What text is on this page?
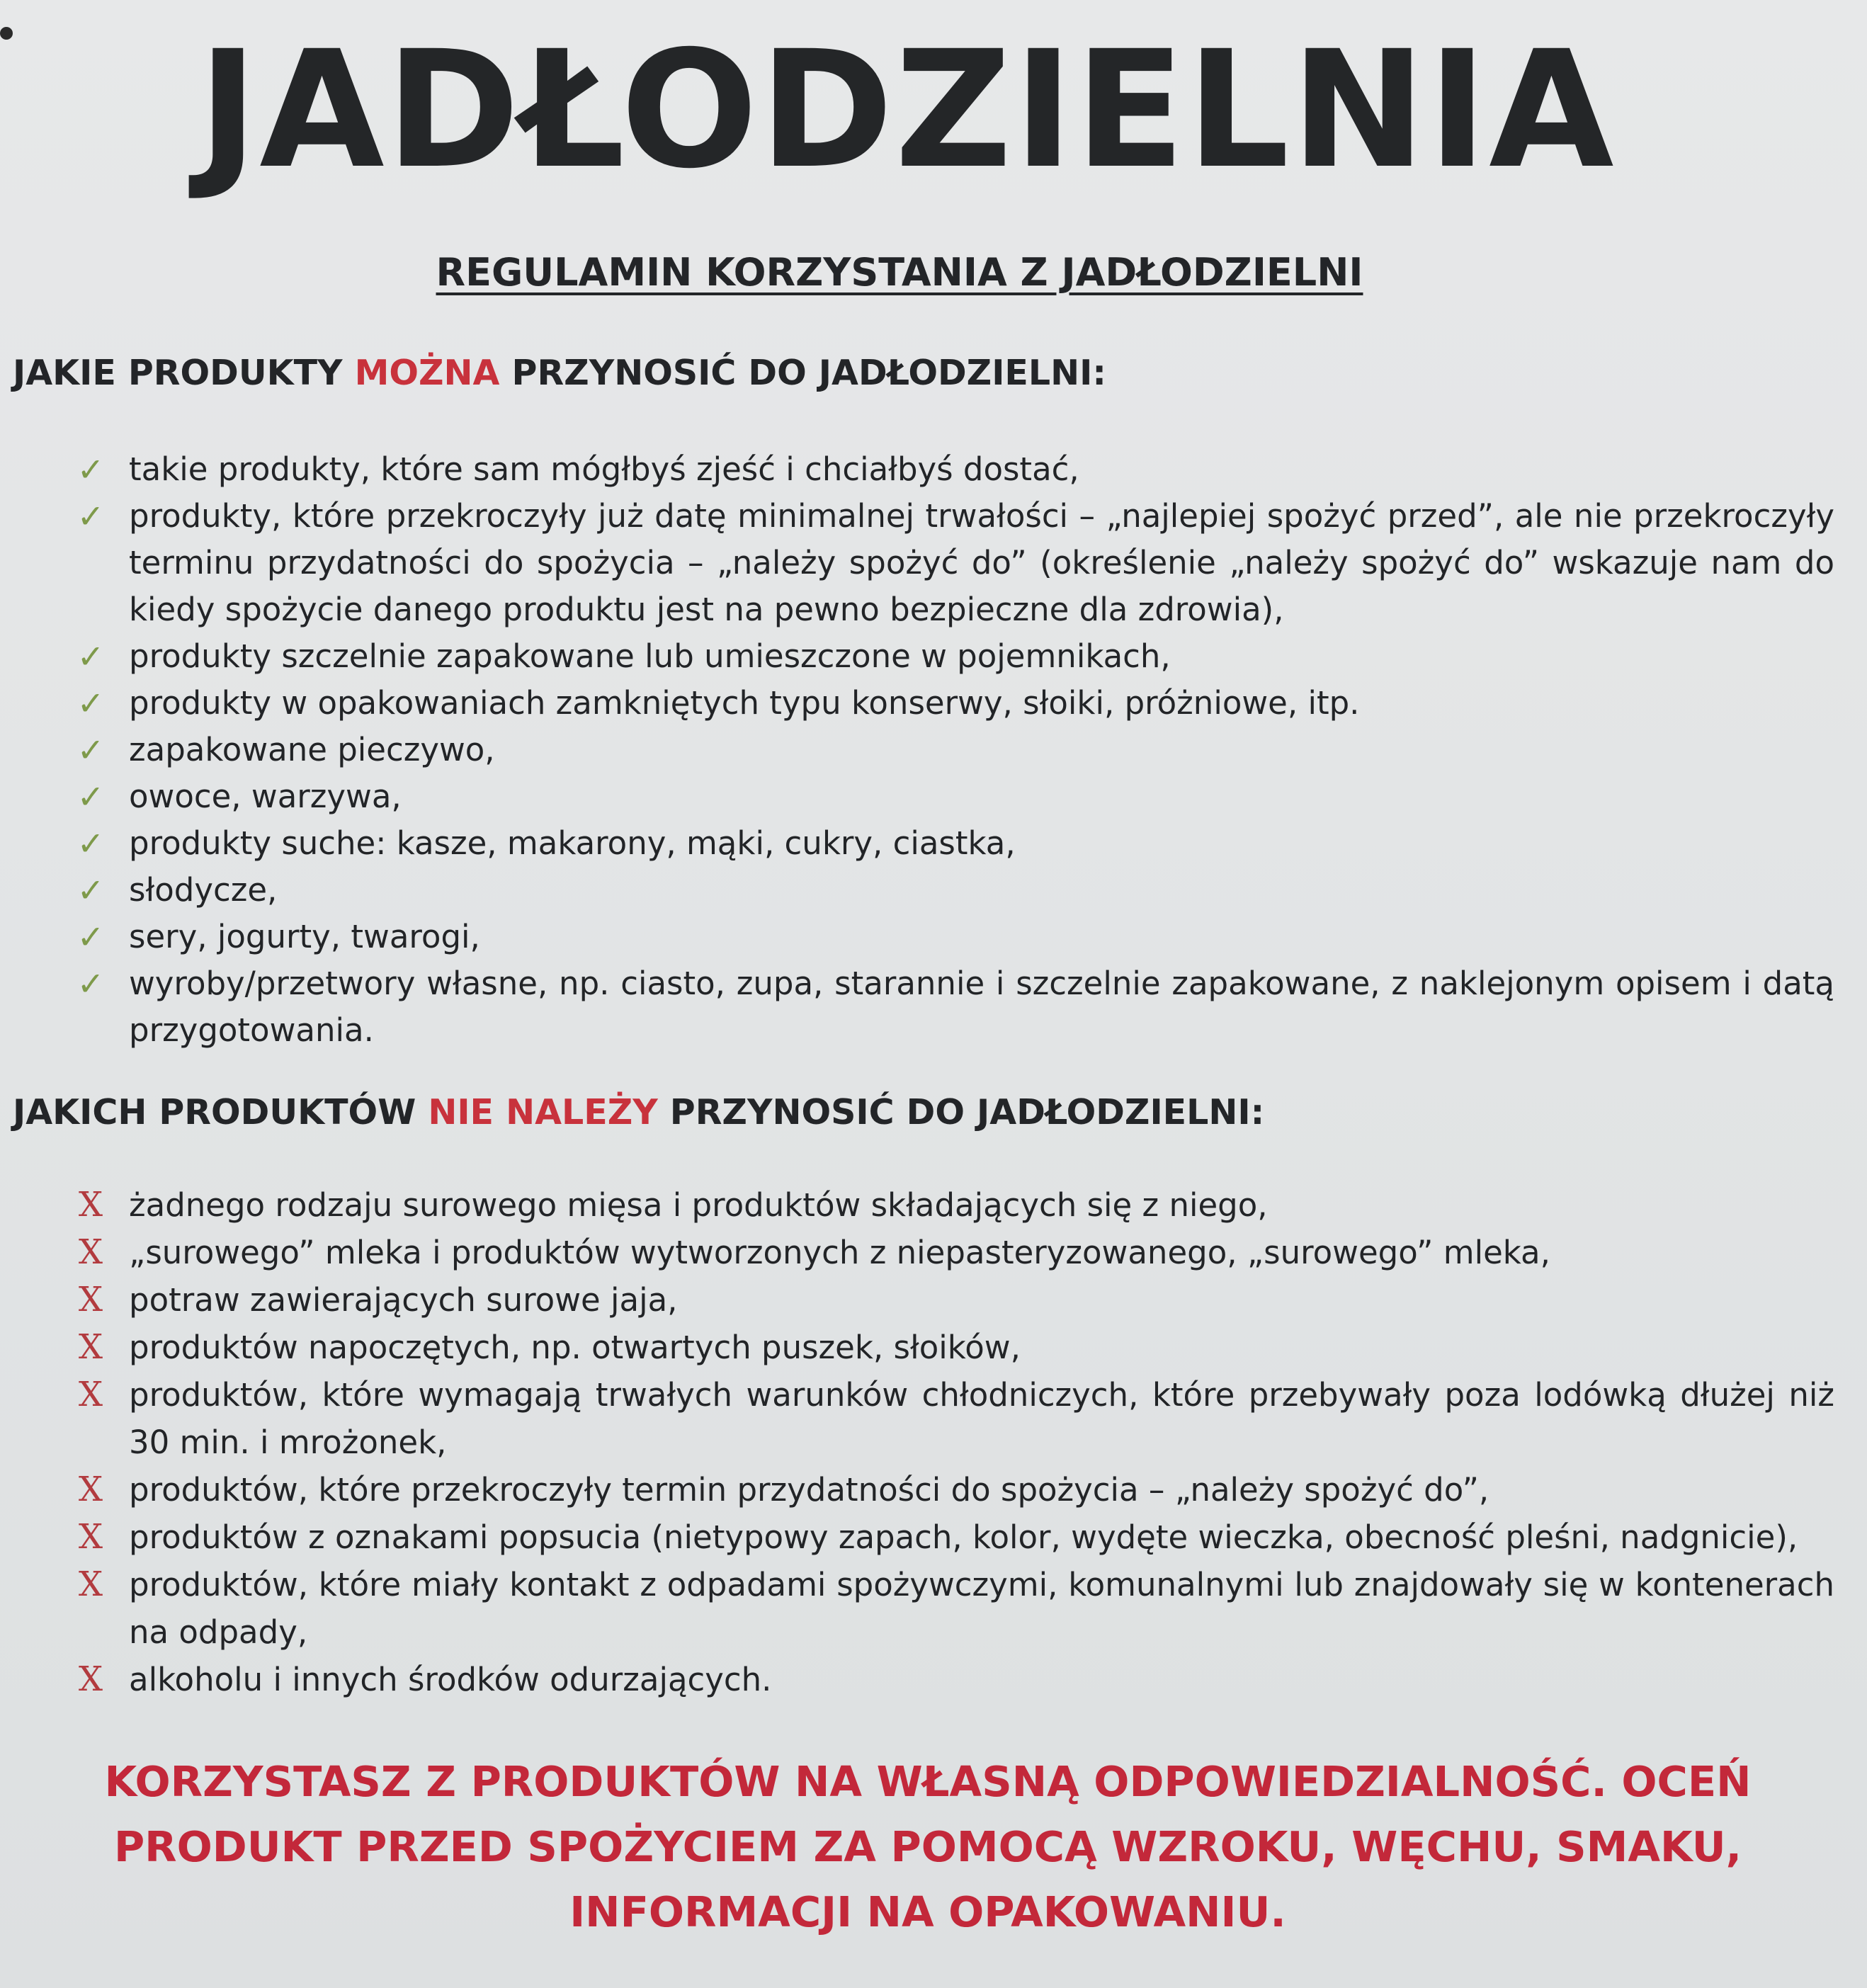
JADŁODZIELNIA
REGULAMIN KORZYSTANIA Z JADŁODZIELNI
JAKIE PRODUKTY MOŻNA PRZYNOSIĆ DO JADŁODZIELNI:
✓ takie produkty, które sam mógłbyś zjeść i chciałbyś dostać,
✓ produkty, które przekroczyły już datę minimalnej trwałości – „najlepiej spożyć przed”, ale nie przekroczyły terminu przydatności do spożycia – „należy spożyć do” (określenie „należy spożyć do” wskazuje nam do kiedy spożycie danego produktu jest na pewno bezpieczne dla zdrowia),
✓ produkty szczelnie zapakowane lub umieszczone w pojemnikach,
✓ produkty w opakowaniach zamkniętych typu konserwy, słoiki, próżniowe, itp.
✓ zapakowane pieczywo,
✓ owoce, warzywa,
✓ produkty suche: kasze, makarony, mąki, cukry, ciastka,
✓ słodycze,
✓ sery, jogurty, twarogi,
✓ wyroby/przetwory własne, np. ciasto, zupa, starannie i szczelnie zapakowane, z naklejonym opisem i datą przygotowania.
JAKICH PRODUKTÓW NIE NALEŻY PRZYNOSIĆ DO JADŁODZIELNI:
X żadnego rodzaju surowego mięsa i produktów składających się z niego,
X „surowego” mleka i produktów wytworzonych z niepasteryzowanego, „surowego” mleka,
X potraw zawierających surowe jaja,
X produktów napoczętych, np. otwartych puszek, słoików,
X produktów, które wymagają trwałych warunków chłodniczych, które przebywały poza lodówką dłużej niż 30 min. i mrożonek,
X produktów, które przekroczyły termin przydatności do spożycia – „należy spożyć do”,
X produktów z oznakami popsucia (nietypowy zapach, kolor, wydęte wieczka, obecność pleśni, nadgnicie),
X produktów, które miały kontakt z odpadami spożywczymi, komunalnymi lub znajdowały się w kontenerach na odpady,
X alkoholu i innych środków odurzających.

KORZYSTASZ Z PRODUKTÓW NA WŁASNĄ ODPOWIEDZIALNOŚĆ. OCEŃ PRODUKT PRZED SPOŻYCIEM ZA POMOCĄ WZROKU, WĘCHU, SMAKU, INFORMACJI NA OPAKOWANIU.
